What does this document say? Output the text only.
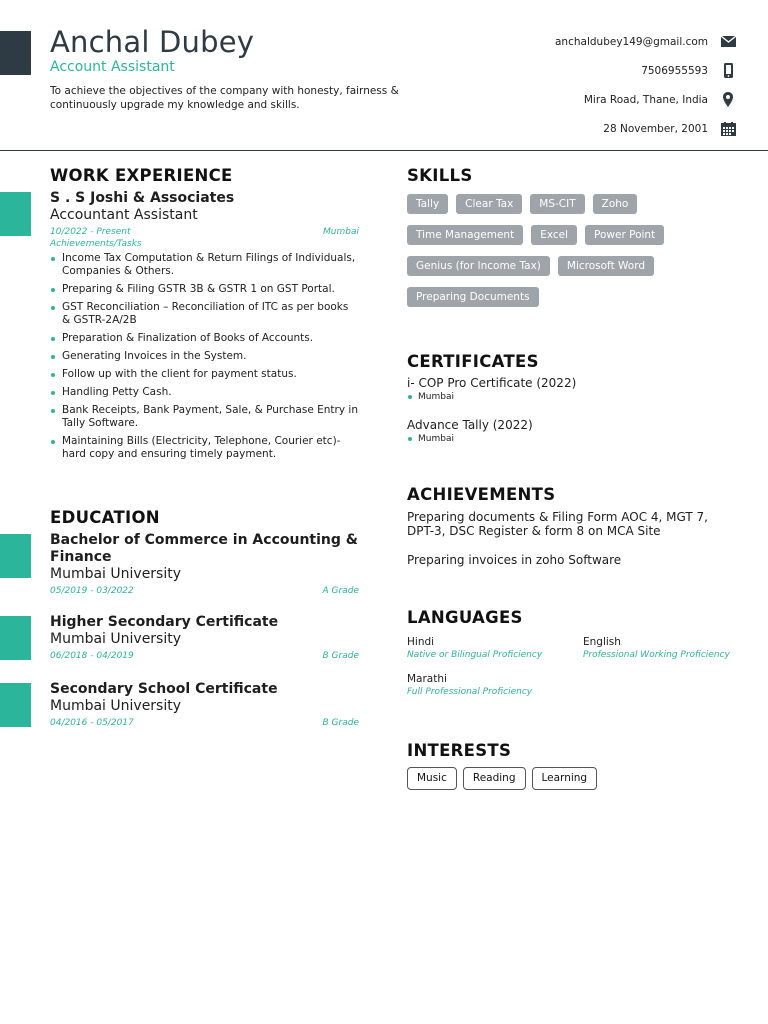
Anchal Dubey
Account Assistant
To achieve the objectives of the company with honesty, fairness & continuously upgrade my knowledge and skills.
anchaldubey149@gmail.com
7506955593
Mira Road, Thane, India
28 November, 2001
WORK EXPERIENCE
S . S Joshi & Associates
Accountant Assistant
10/2022 - Present	Mumbai
Achievements/Tasks
Income Tax Computation & Return Filings of Individuals, Companies & Others.
Preparing & Filing GSTR 3B & GSTR 1 on GST Portal.
GST Reconciliation – Reconciliation of ITC as per books & GSTR-2A/2B
Preparation & Finalization of Books of Accounts.
Generating Invoices in the System.
Follow up with the client for payment status.
Handling Petty Cash.
Bank Receipts, Bank Payment, Sale, & Purchase Entry in Tally Software.
Maintaining Bills (Electricity, Telephone, Courier etc)- hard copy and ensuring timely payment.
EDUCATION
Bachelor of Commerce in Accounting & Finance
Mumbai University
05/2019 - 03/2022	A Grade
Higher Secondary Certificate
Mumbai University
06/2018 - 04/2019	B Grade
Secondary School Certificate
Mumbai University
04/2016 - 05/2017	B Grade
SKILLS
Tally	Clear Tax	MS-CIT	Zoho
Time Management	Excel	Power Point
Genius (for Income Tax)	Microsoft Word
Preparing Documents
CERTIFICATES
i- COP Pro Certificate (2022)
Mumbai
Advance Tally (2022)
Mumbai
ACHIEVEMENTS
Preparing documents & Filing Form AOC 4, MGT 7, DPT-3, DSC Register & form 8 on MCA Site
Preparing invoices in zoho Software
LANGUAGES
Hindi
Native or Bilingual Proficiency
English
Professional Working Proficiency
Marathi
Full Professional Proficiency
INTERESTS
Music	Reading	Learning
